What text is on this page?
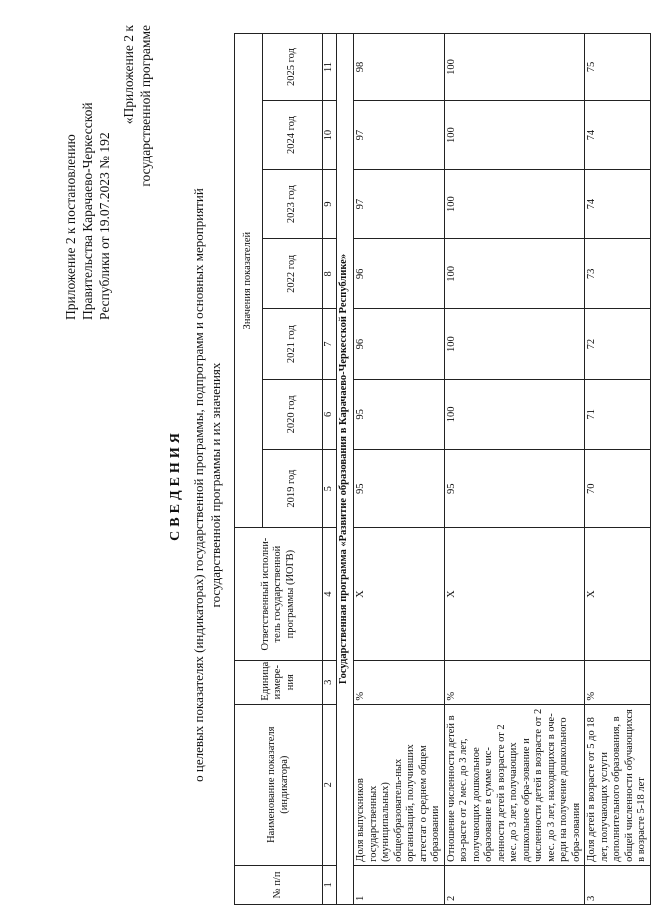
Приложение 2 к постановлению Правительства Карачаево-Черкесской Республики от 19.07.2023 № 192
«Приложение 2 к государственной программе
СВЕДЕНИЯ о целевых показателях (индикаторах) государственной программы, подпрограмм и основных мероприятий государственной программы и их значениях
№ п/п	Наименование показателя (индикатора)	Единица измере-ния	Ответственный исполни-тель государственной программы (ИОГВ)	Значения показателей						
				2019 год	2020 год	2021 год	2022 год	2023 год	2024 год	2025 год
1	2	3	4	5	6	7	8	9	10	11
Государственная программа «Развитие образования в Карачаево-Черкесской Республике»										
1	Доля выпускников государственных (муниципальных) общеобразователь-ных организаций, получивших аттестат о среднем общем образовании	%	Х	95	95	96	96	97	97	98
2	Отношение численности детей в воз-расте от 2 мес. до 3 лет, получающих дошкольное образование в сумме чис-ленности детей в возрасте от 2 мес. до 3 лет, получающих дошкольное обра-зование и численности детей в возрасте от 2 мес. до 3 лет, находящихся в оче-реди на получение дошкольного обра-зования	%	Х	95	100	100	100	100	100	100
3	Доля детей в возрасте от 5 до 18 лет, получающих услуги дополнительного образования, в общей численности обучающихся в возрасте 5-18 лет	%	Х	70	71	72	73	74	74	75
